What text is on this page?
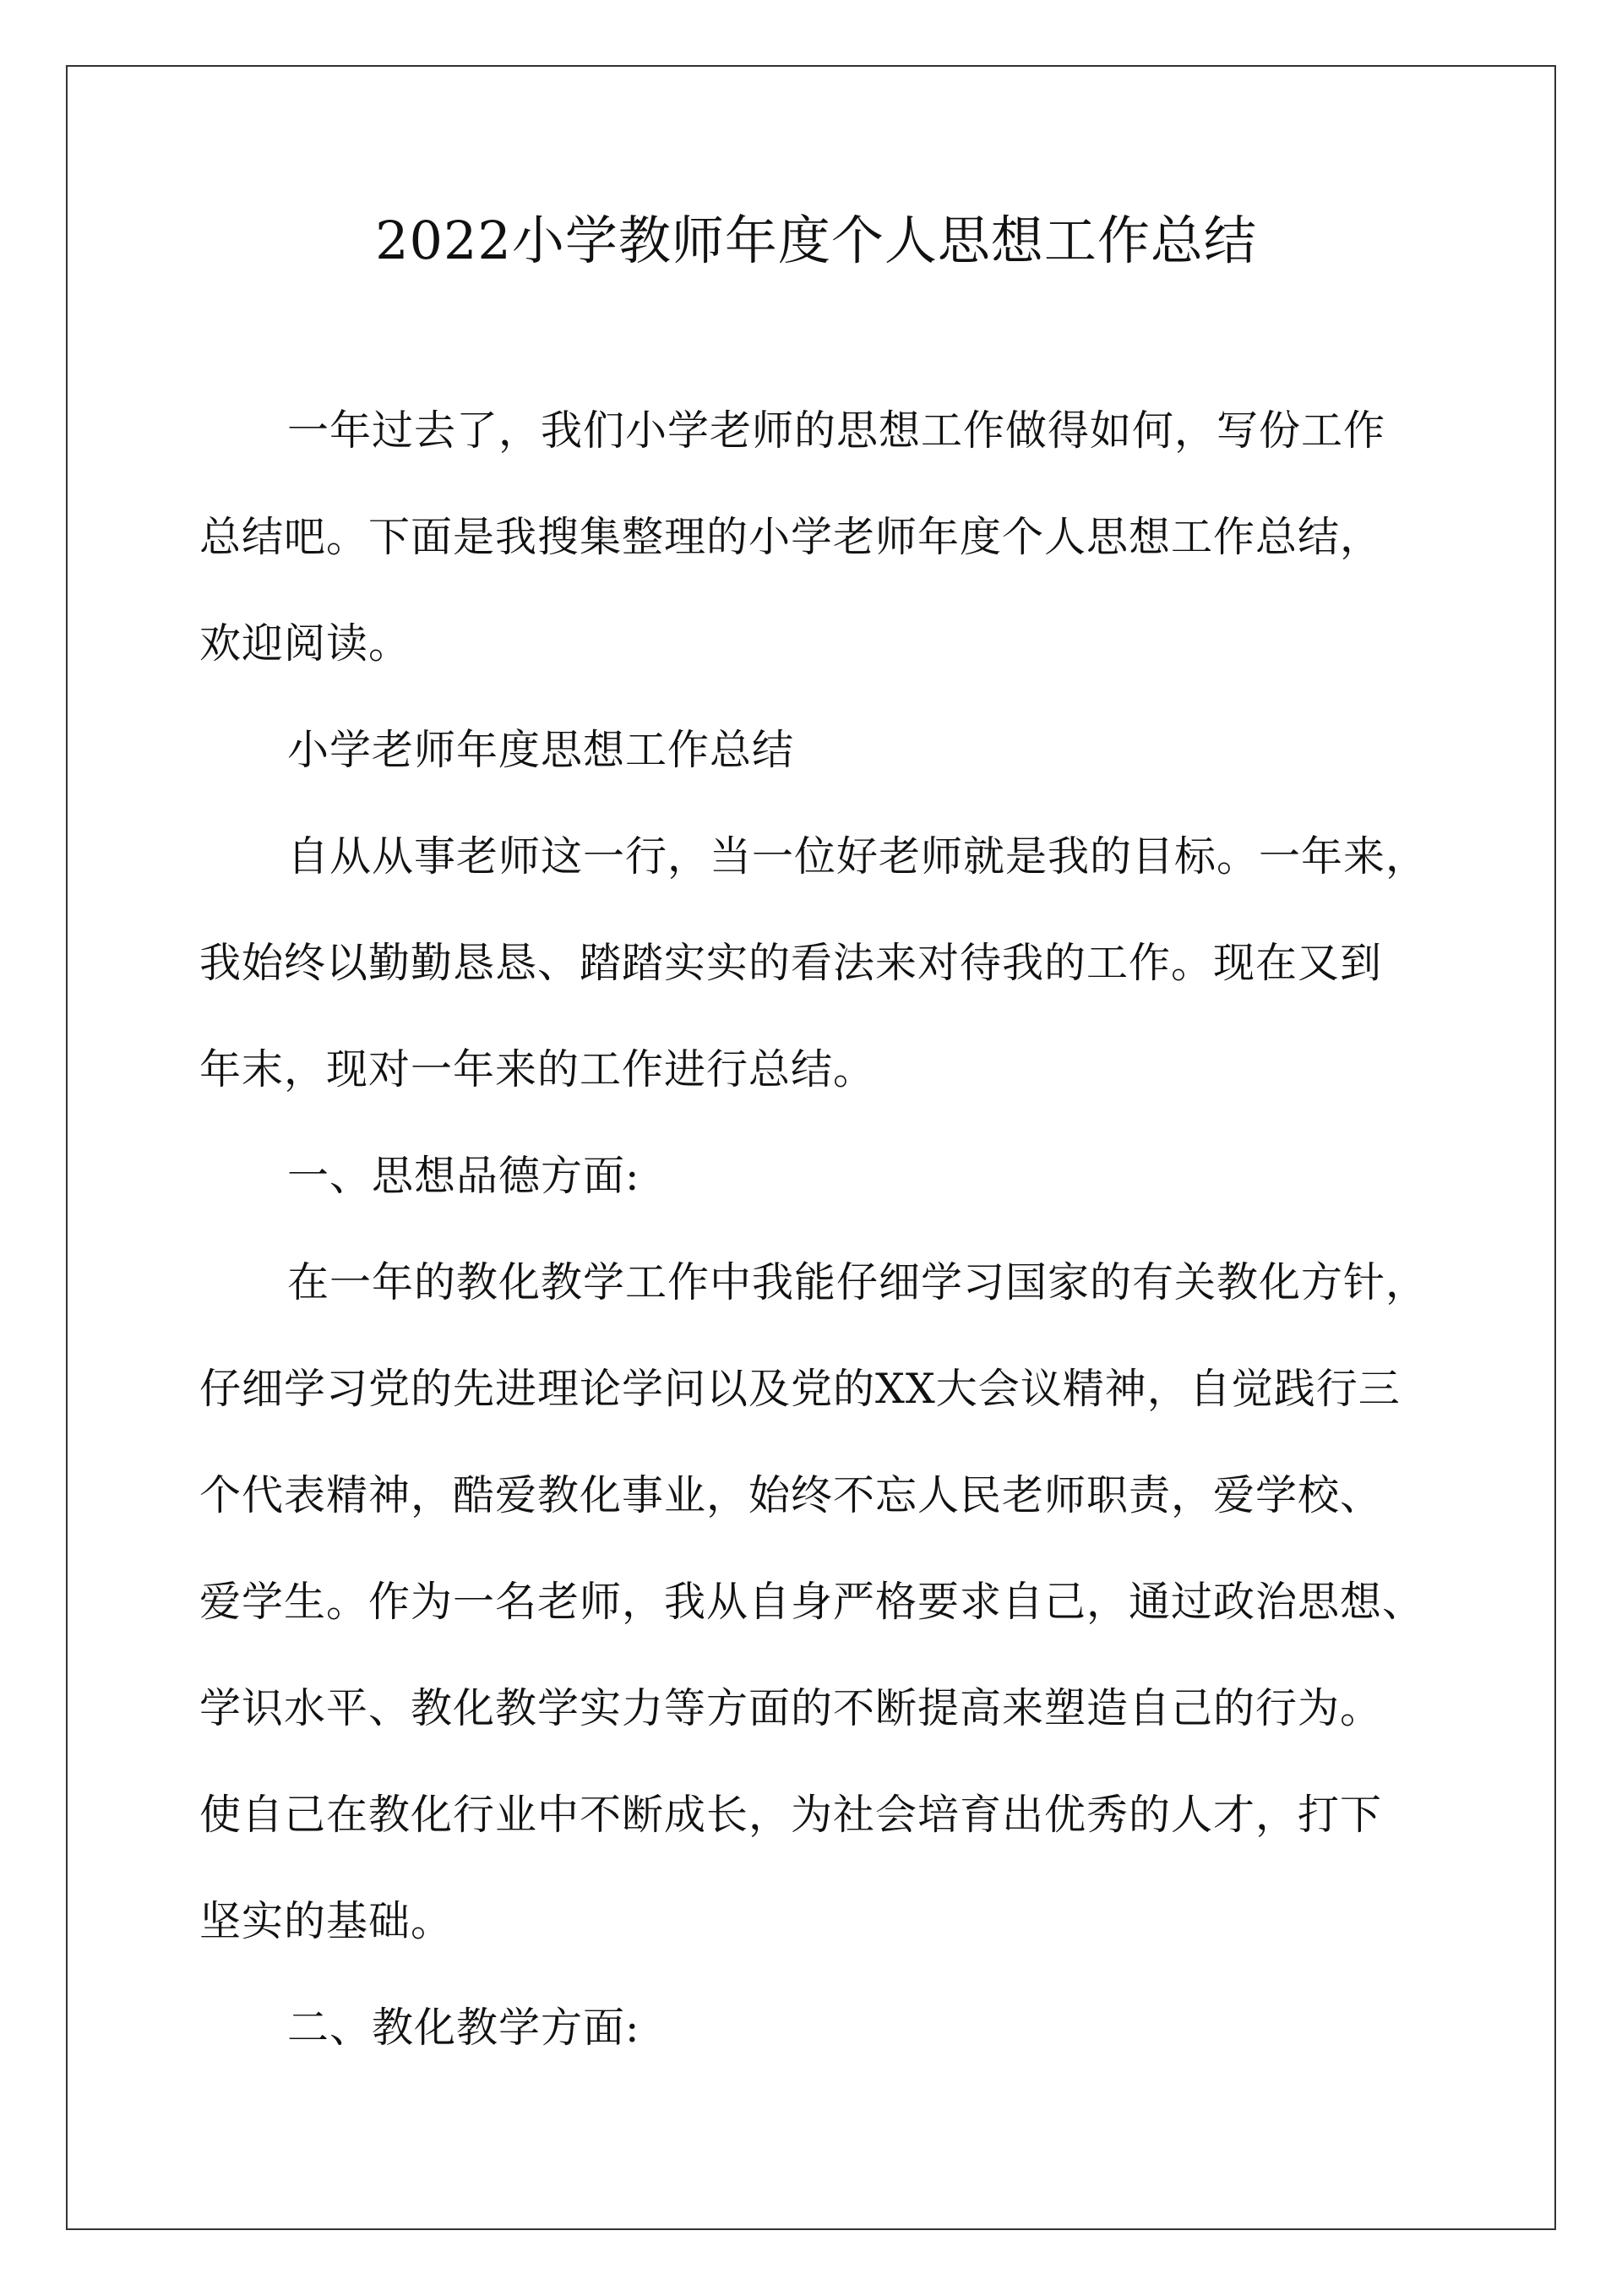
2022小学教师年度个人思想工作总结

一年过去了，我们小学老师的思想工作做得如何，写份工作
总结吧。下面是我搜集整理的小学老师年度个人思想工作总结，
欢迎阅读。

小学老师年度思想工作总结

自从从事老师这一行，当一位好老师就是我的目标。一年来，
我始终以勤勤恳恳、踏踏实实的看法来对待我的工作。现在又到
年末，现对一年来的工作进行总结。

一、思想品德方面:

在一年的教化教学工作中我能仔细学习国家的有关教化方针，
仔细学习党的先进理论学问以及党的XX大会议精神，自觉践行三
个代表精神，酷爱教化事业，始终不忘人民老师职责，爱学校、
爱学生。作为一名老师，我从自身严格要求自己，通过政治思想、
学识水平、教化教学实力等方面的不断提高来塑造自己的行为。
使自己在教化行业中不断成长，为社会培育出优秀的人才，打下
坚实的基础。

二、教化教学方面:
